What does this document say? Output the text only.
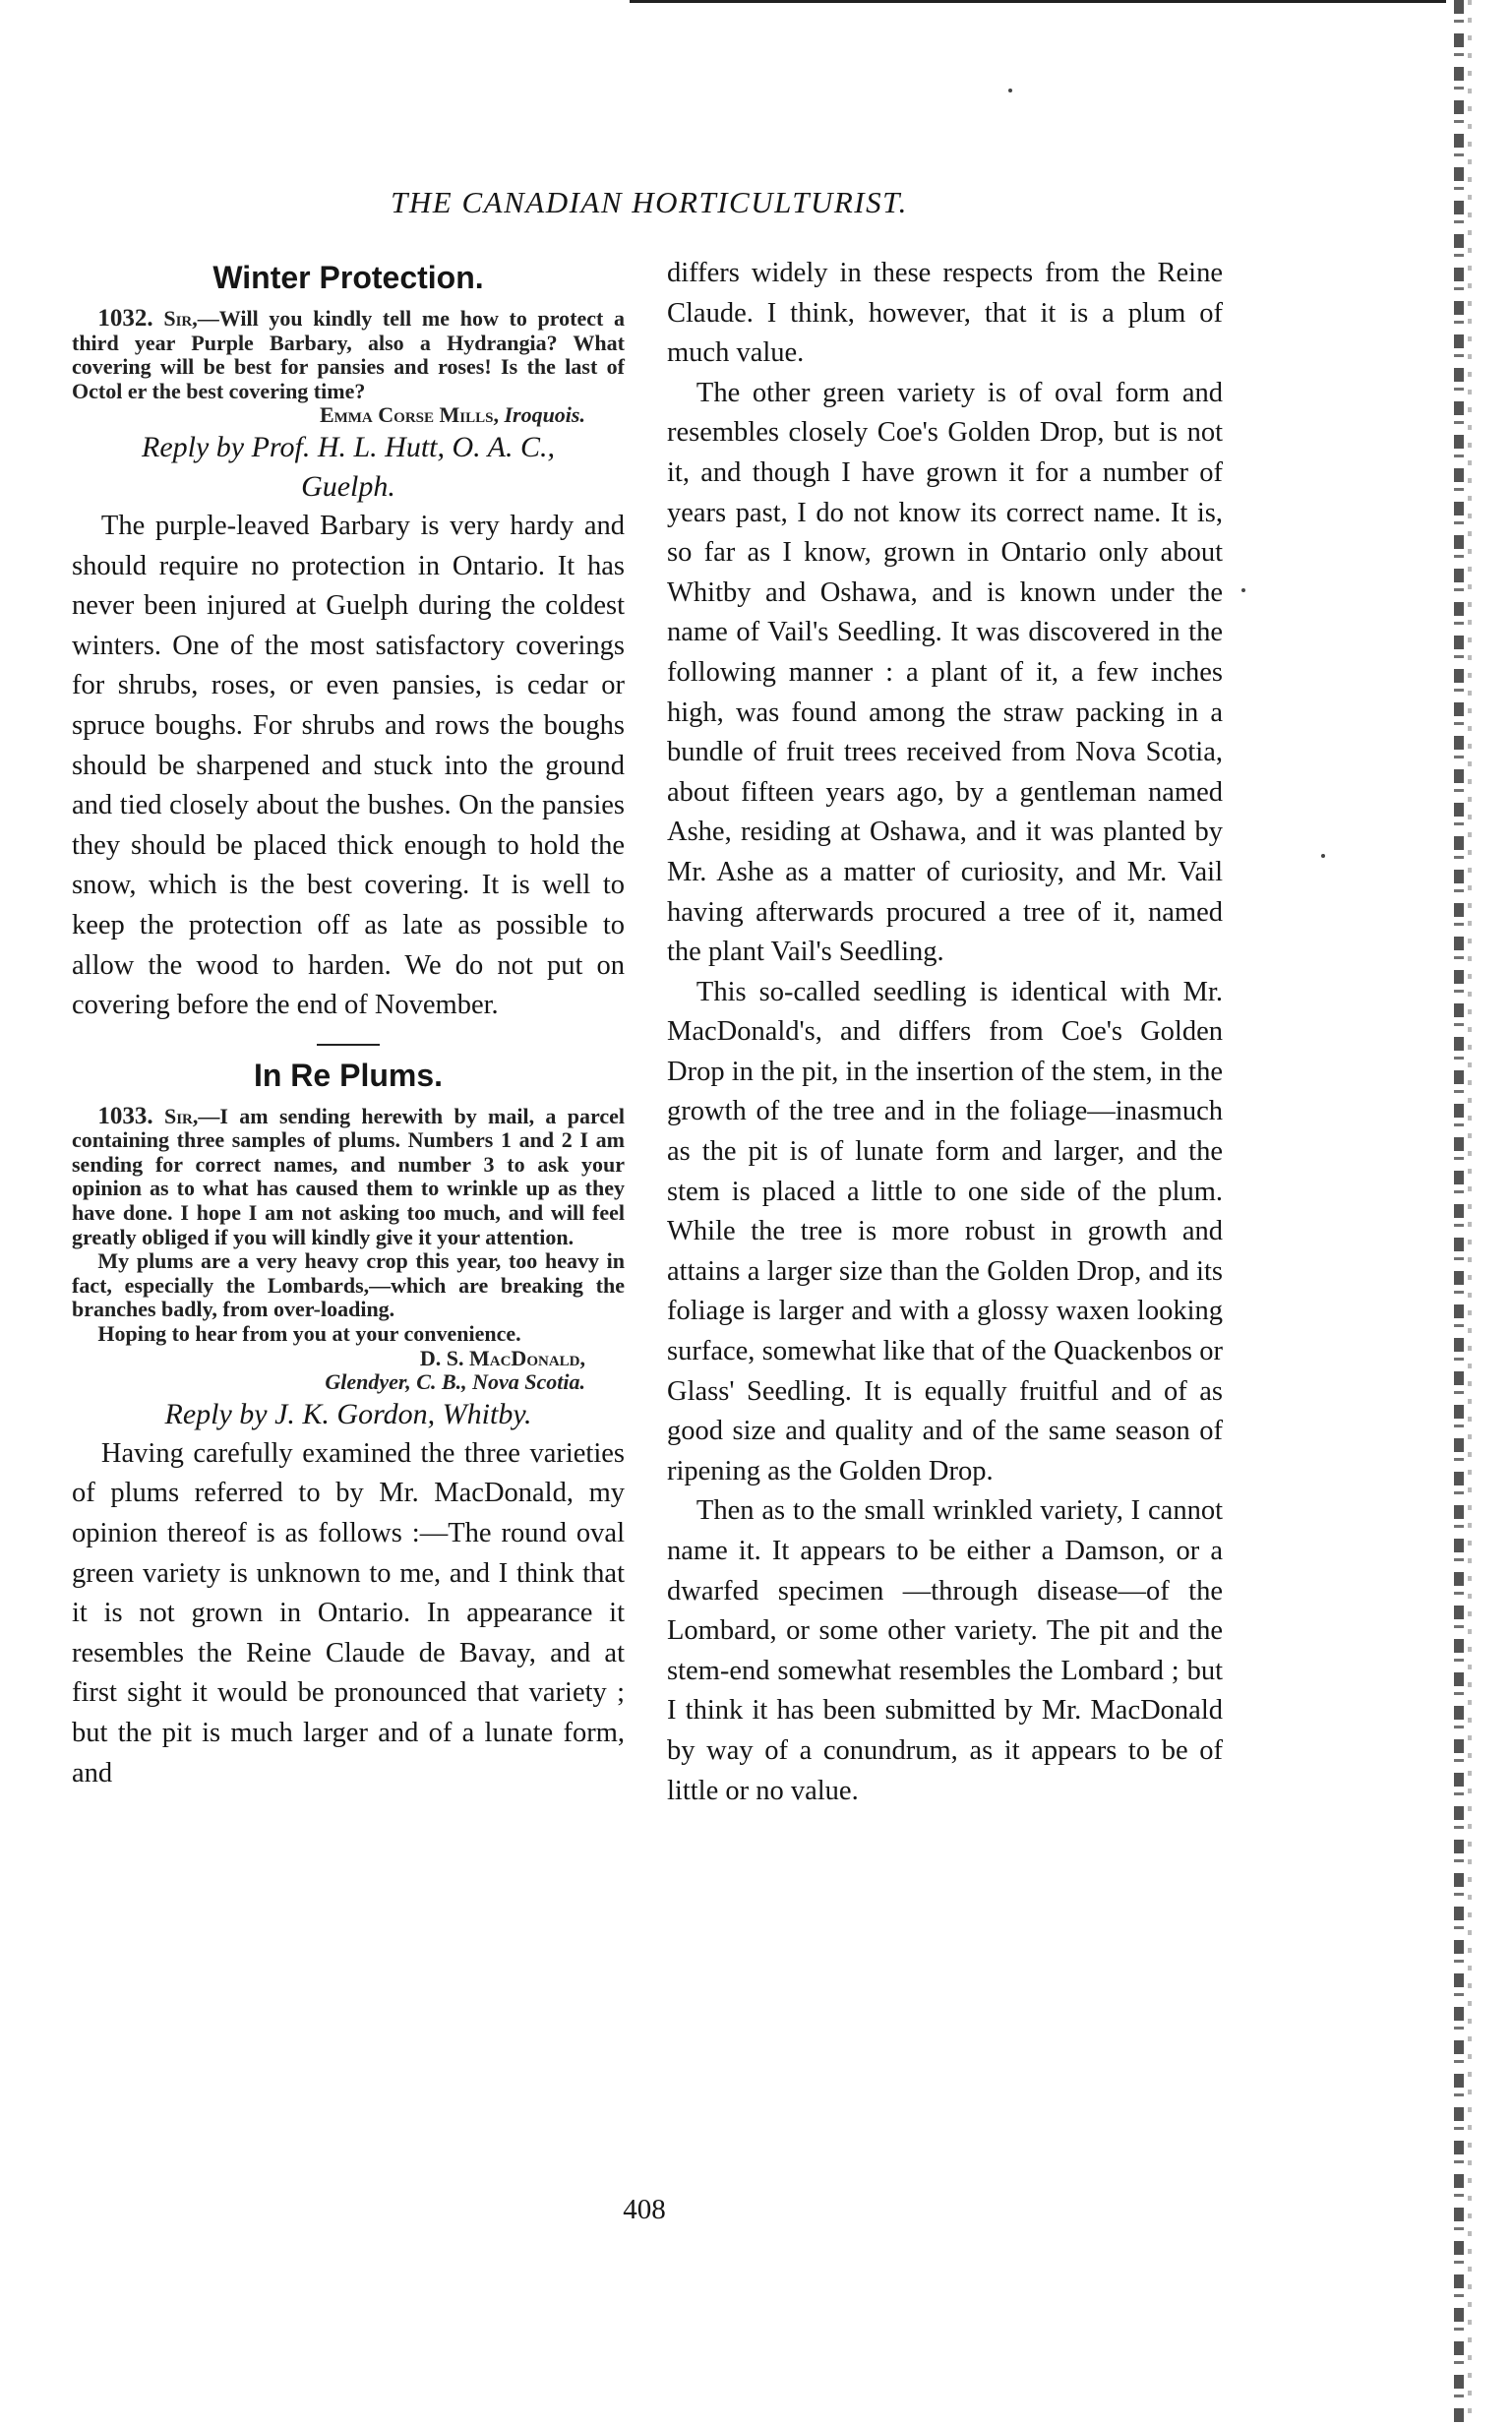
THE CANADIAN HORTICULTURIST.
Winter Protection.

1032. Sir,—Will you kindly tell me how to protect a third year Purple Barbary, also a Hydrangia? What covering will be best for pansies and roses! Is the last of Octol er the best covering time?

Emma Corse Mills, Iroquois.

Reply by Prof. H. L. Hutt, O. A. C.,
Guelph.

The purple-leaved Barbary is very hardy and should require no protection in Ontario. It has never been injured at Guelph during the coldest winters. One of the most satisfactory coverings for shrubs, roses, or even pansies, is cedar or spruce boughs. For shrubs and rows the boughs should be sharpened and stuck into the ground and tied closely about the bushes. On the pansies they should be placed thick enough to hold the snow, which is the best covering. It is well to keep the protection off as late as possible to allow the wood to harden. We do not put on covering before the end of November.

In Re Plums.

1033. Sir,—I am sending herewith by mail, a parcel containing three samples of plums. Numbers 1 and 2 I am sending for correct names, and number 3 to ask your opinion as to what has caused them to wrinkle up as they have done. I hope I am not asking too much, and will feel greatly obliged if you will kindly give it your attention.

My plums are a very heavy crop this year, too heavy in fact, especially the Lombards,—which are breaking the branches badly, from over-loading.

Hoping to hear from you at your convenience.

D. S. MacDonald,
Glendyer, C. B., Nova Scotia.

Reply by J. K. Gordon, Whitby.

Having carefully examined the three varieties of plums referred to by Mr. MacDonald, my opinion thereof is as follows :—The round oval green variety is unknown to me, and I think that it is not grown in Ontario. In appearance it resembles the Reine Claude de Bavay, and at first sight it would be pronounced that variety ; but the pit is much larger and of a lunate form, and

differs widely in these respects from the Reine Claude. I think, however, that it is a plum of much value.

The other green variety is of oval form and resembles closely Coe's Golden Drop, but is not it, and though I have grown it for a number of years past, I do not know its correct name. It is, so far as I know, grown in Ontario only about Whitby and Oshawa, and is known under the name of Vail's Seedling. It was discovered in the following manner : a plant of it, a few inches high, was found among the straw packing in a bundle of fruit trees received from Nova Scotia, about fifteen years ago, by a gentleman named Ashe, residing at Oshawa, and it was planted by Mr. Ashe as a matter of curiosity, and Mr. Vail having afterwards procured a tree of it, named the plant Vail's Seedling.

This so-called seedling is identical with Mr. MacDonald's, and differs from Coe's Golden Drop in the pit, in the insertion of the stem, in the growth of the tree and in the foliage—inasmuch as the pit is of lunate form and larger, and the stem is placed a little to one side of the plum. While the tree is more robust in growth and attains a larger size than the Golden Drop, and its foliage is larger and with a glossy waxen looking surface, somewhat like that of the Quackenbos or Glass' Seedling. It is equally fruitful and of as good size and quality and of the same season of ripening as the Golden Drop.

Then as to the small wrinkled variety, I cannot name it. It appears to be either a Damson, or a dwarfed specimen —through disease—of the Lombard, or some other variety. The pit and the stem-end somewhat resembles the Lombard ; but I think it has been submitted by Mr. MacDonald by way of a conundrum, as it appears to be of little or no value.

408
